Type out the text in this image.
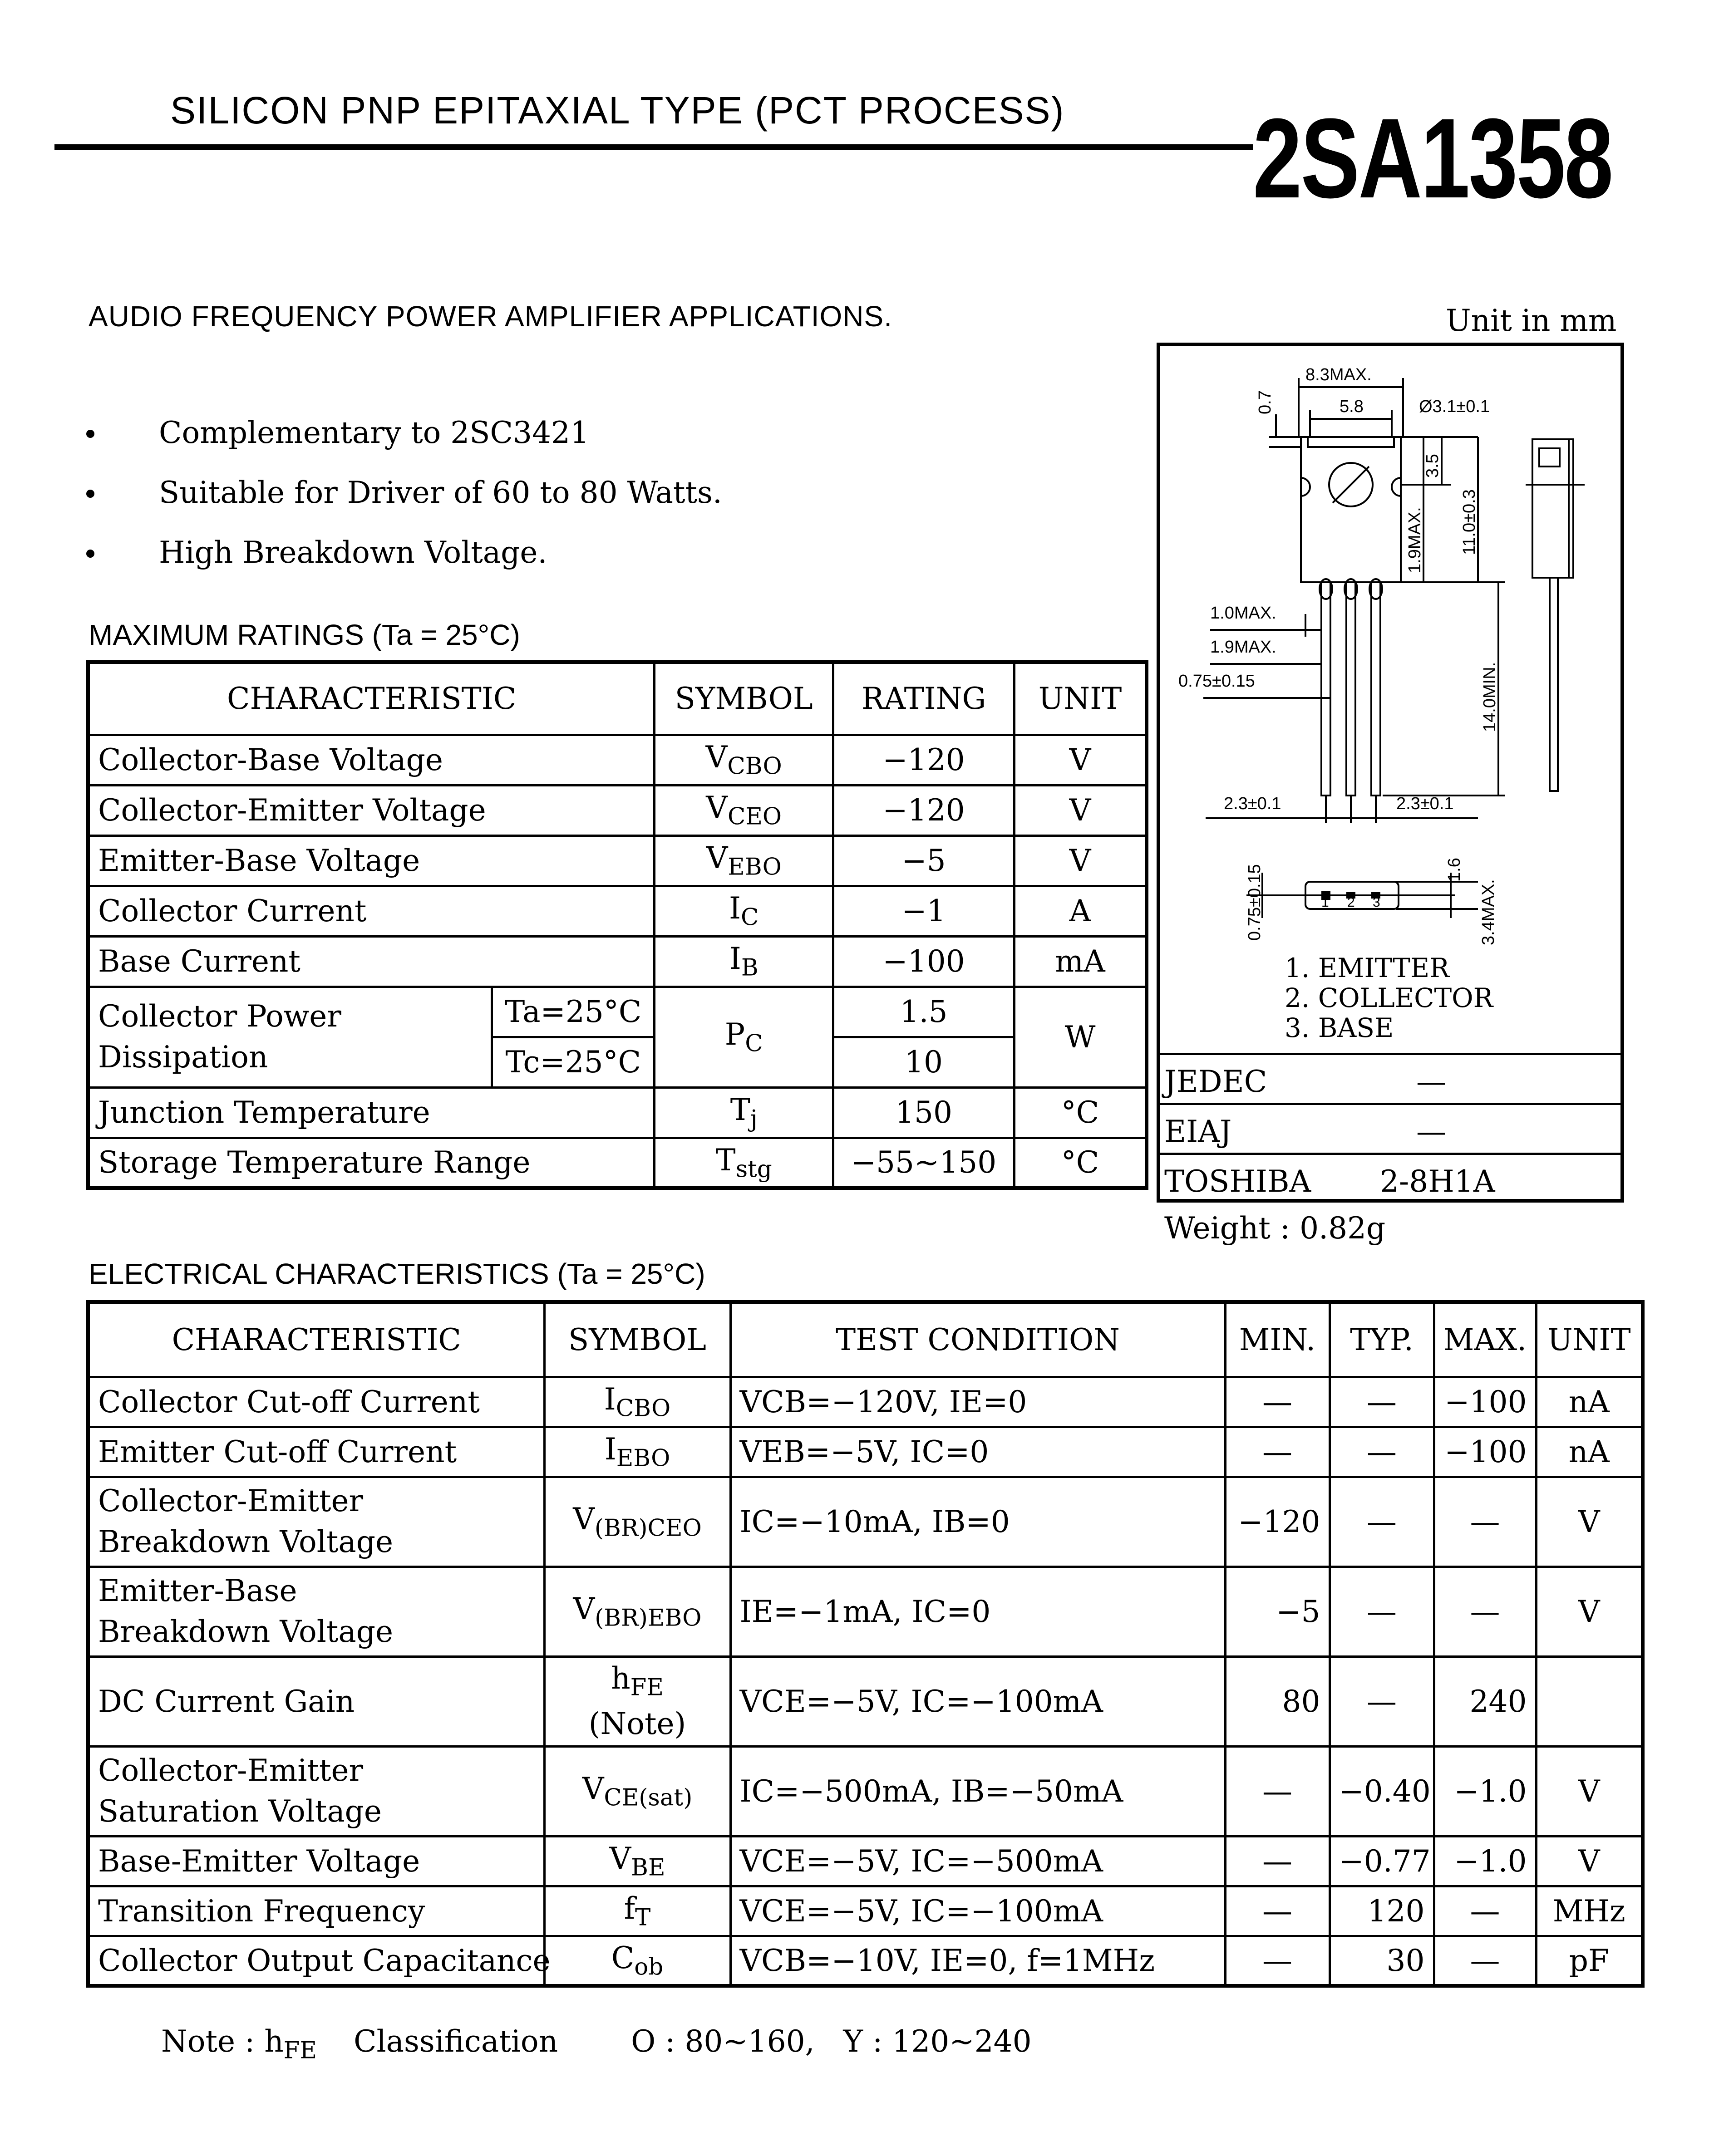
SILICON PNP EPITAXIAL TYPE (PCT PROCESS) 2SA1358
AUDIO FREQUENCY POWER AMPLIFIER APPLICATIONS.	Unit in mm
Complementary to 2SC3421
Suitable for Driver of 60 to 80 Watts.
High Breakdown Voltage.
MAXIMUM RATINGS (Ta = 25°C)
CHARACTERISTIC		SYMBOL	RATING	UNIT
Collector-Base Voltage		$V_{CBO}$	−120	V
Collector-Emitter Voltage		$V_{CEO}$	−120	V
Emitter-Base Voltage		$V_{EBO}$	−5	V
Collector Current		$I_C$	−1	A
Base Current		$I_B$	−100	mA
Collector Power
Dissipation	Ta=25°C	$P_C$	1.5	W
	Tc=25°C		10	
Junction Temperature		$T_j$	150	°C
Storage Temperature Range		$T_{stg}$	−55~150	°C
8.3MAX.
5.8	Ø3.1±0.1
1.0MAX.
1.9MAX.
0.75±0.15
2.3±0.1	2.3±0.1
1 2 3
0.7
3.5
11.0±0.3
1.9MAX.
14.0MIN.
0.75±0.15	1.6
3.4MAX.
1. EMITTER
2. COLLECTOR
3. BASE
JEDEC	—
EIAJ	—
TOSHIBA 2-8H1A
Weight : 0.82g
ELECTRICAL CHARACTERISTICS (Ta = 25°C)
CHARACTERISTIC	SYMBOL	TEST CONDITION	MIN.	TYP.	MAX.	UNIT

Collector Cut-off Current	$I_{CBO}$	VCB=−120V, IE=0	—	—	−100	nA

Emitter Cut-off Current	$I_{EBO}$	VEB=−5V, IC=0	—	—	−100	nA

Collector-Emitter
Breakdown Voltage	$V_{(BR)CEO}$	IC=−10mA, IB=0	−120	—	—	V

Emitter-Base
Breakdown Voltage	$V_{(BR)EBO}$	IE=−1mA, IC=0	−5	—	—	V

DC Current Gain	$h_{FE}$
(Note)	VCE=−5V, IC=−100mA	80	—	240	

Collector-Emitter
Saturation Voltage	$V_{CE(sat)}$	IC=−500mA, IB=−50mA	—	−0.40	−1.0	V

Base-Emitter Voltage	$V_{BE}$	VCE=−5V, IC=−500mA	—	−0.77	−1.0	V

Transition Frequency	$f_T$	VCE=−5V, IC=−100mA	—	120	—	MHz

Collector Output Capacitance	$C_{ob}$	VCB=−10V, IE=0, f=1MHz	—	30	—	pF
Note : $h_{FE}$ Classification O : 80~160,   Y : 120~240
